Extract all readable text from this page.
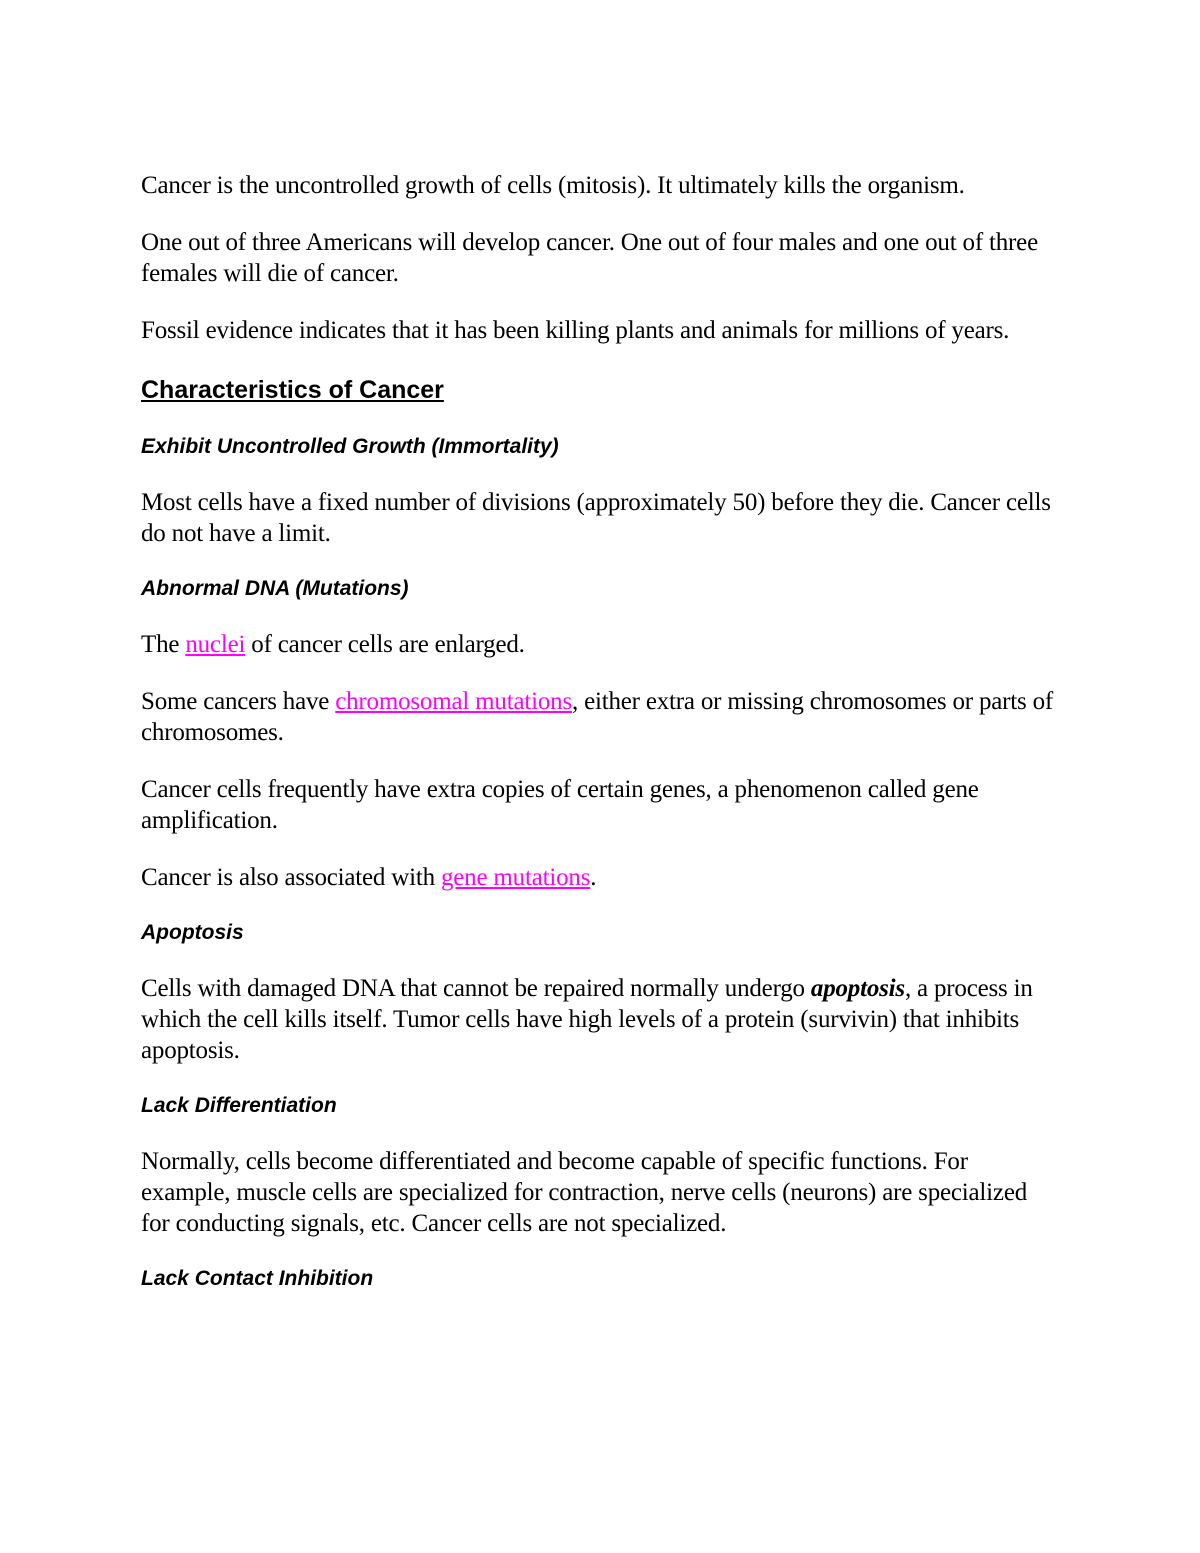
Cancer is the uncontrolled growth of cells (mitosis). It ultimately kills the organism.

One out of three Americans will develop cancer. One out of four males and one out of three females will die of cancer.

Fossil evidence indicates that it has been killing plants and animals for millions of years.

Characteristics of Cancer
Exhibit Uncontrolled Growth (Immortality)

Most cells have a fixed number of divisions (approximately 50) before they die. Cancer cells do not have a limit.

Abnormal DNA (Mutations)

The nuclei of cancer cells are enlarged.

Some cancers have chromosomal mutations, either extra or missing chromosomes or parts of chromosomes.

Cancer cells frequently have extra copies of certain genes, a phenomenon called gene amplification.

Cancer is also associated with gene mutations.

Apoptosis

Cells with damaged DNA that cannot be repaired normally undergo apoptosis, a process in which the cell kills itself. Tumor cells have high levels of a protein (survivin) that inhibits apoptosis.

Lack Differentiation

Normally, cells become differentiated and become capable of specific functions. For example, muscle cells are specialized for contraction, nerve cells (neurons) are specialized for conducting signals, etc. Cancer cells are not specialized.

Lack Contact Inhibition
